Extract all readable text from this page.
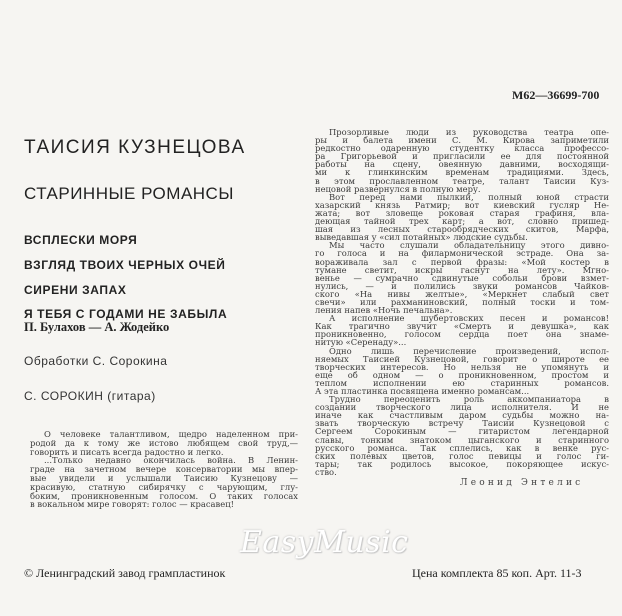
М62—36699-700
ТАИСИЯ КУЗНЕЦОВА
СТАРИННЫЕ РОМАНСЫ
ВСПЛЕСКИ МОРЯ
ВЗГЛЯД ТВОИХ ЧЕРНЫХ ОЧЕЙ
СИРЕНИ ЗАПАХ
Я ТЕБЯ С ГОДАМИ НЕ ЗАБЫЛА
П. Булахов — А. Жодейко
Обработки С. Сорокина
С. СОРОКИН (гитара)
Прозорливые люди из руководства театра опе-
ры и балета имени С. М. Кирова заприметили
редкостно одаренную студентку класса профессо-
ра Григорьевой и пригласили ее для постоянной
работы на сцену, овеянную давними, восходящи-
ми к глинкинским временам традициями. Здесь,
в этом прославленном театре, талант Таисии Куз-
нецовой развернулся в полную меру.
Вот перед нами пылкий, полный юной страсти
хазарский князь Ратмир; вот киевский гусляр Не-
жата; вот зловеще роковая старая графиня, вла-
деющая тайной трех карт; а вот, словно пришед-
шая из лесных старообрядческих скитов, Марфа,
выведавшая у «сил потайных» людские судьбы.
Мы часто слушали обладательницу этого дивно-
го голоса и на филармонической эстраде. Она за-
вораживала зал с первой фразы: «Мой костер в
тумане светит, искры гаснут на лету». Мгно-
венье — сумрачно сдвинутые собольи брови взмет-
нулись, — и полились звуки романсов Чайков-
ского «На нивы желтые», «Меркнет слабый свет
свечи» или рахманиновский, полный тоски и том-
ления напев «Ночь печальна».
А исполнение шубертовских песен и романсов!
Как трагично звучит «Смерть и девушка», как
проникновенно, голосом сердца поет она знаме-
нитую «Серенаду»...
Одно лишь перечисление произведений, испол-
няемых Таисией Кузнецовой, говорит о широте ее
творческих интересов. Но нельзя не упомянуть и
еще об одном — о проникновенном, простом и
теплом исполнении ею старинных романсов.
А эта пластинка посвящена именно романсам...
Трудно переоценить роль аккомпаниатора в
создании творческого лица исполнителя. И не
иначе как счастливым даром судьбы можно на-
звать творческую встречу Таисии Кузнецовой с
Сергеем Сорокиным — гитаристом легендарной
славы, тонким знатоком цыганского и старинного
русского романса. Так сплелись, как в венке рус-
ских полевых цветов, голос певицы и голос ги-
тары; так родилось высокое, покоряющее искус-
ство.
Леонид Энтелис
О человеке талантливом, щедро наделенном при-
родой да к тому же истово любящем свой труд,—
говорить и писать всегда радостно и легко.
...Только недавно окончилась война. В Ленин-
граде на зачетном вечере консерватории мы впер-
вые увидели и услышали Таисию Кузнецову —
красивую, статную сибирячку с чарующим, глу-
боким, проникновенным голосом. О таких голосах
в вокальном мире говорят: голос — красавец!
EasyMusic
© Ленинградский завод грампластинок	Цена комплекта 85 коп. Арт. 11-3
